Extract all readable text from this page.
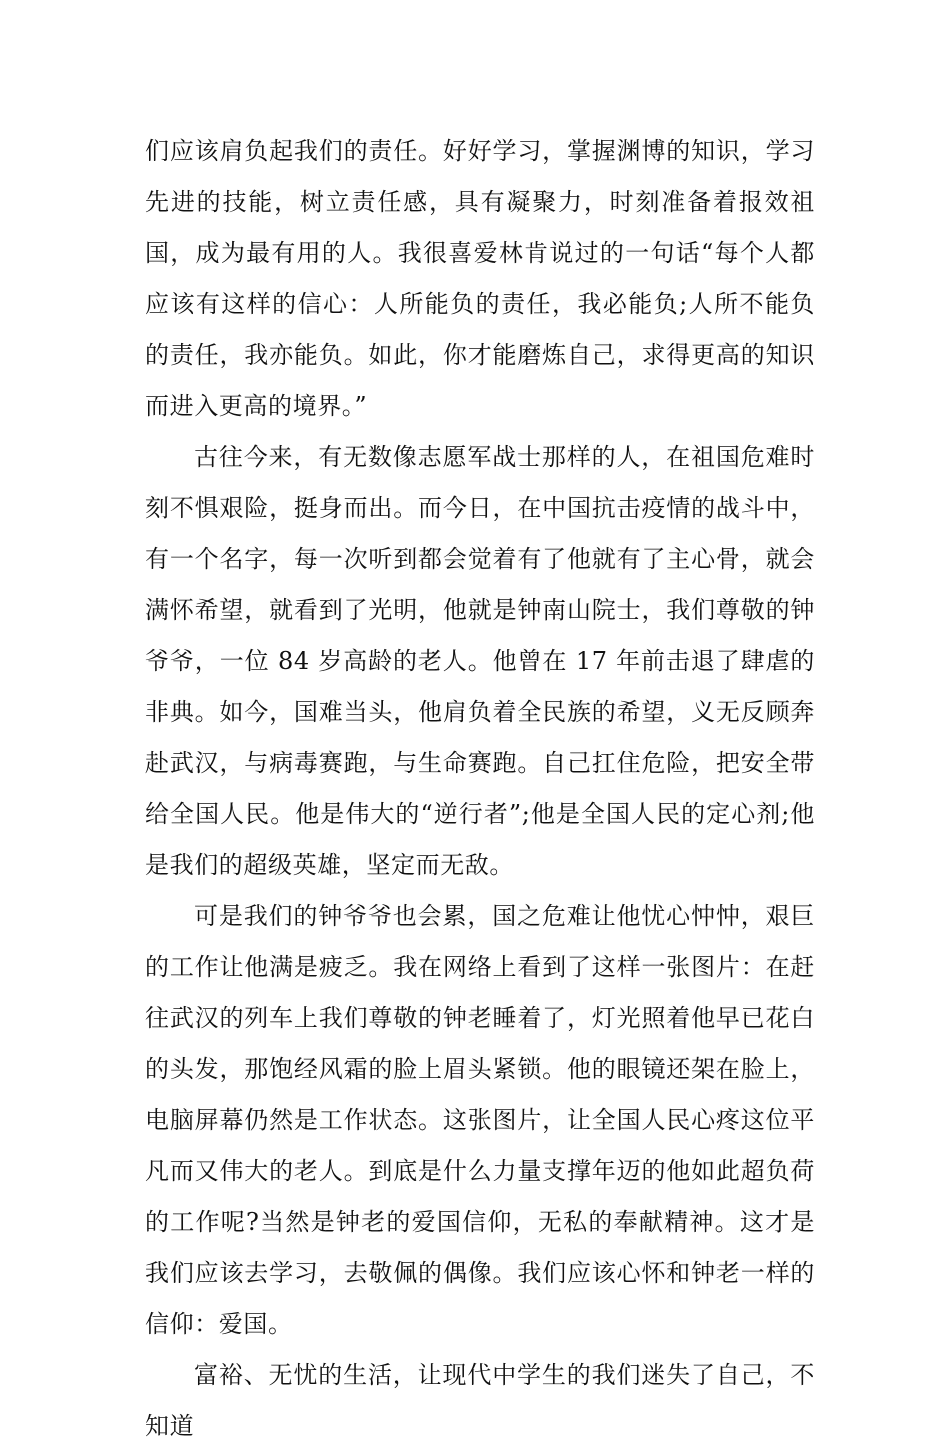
们应该肩负起我们的责任。好好学习，掌握渊博的知识，学习先进的技能，树立责任感，具有凝聚力，时刻准备着报效祖国，成为最有用的人。我很喜爱林肯说过的一句话“每个人都应该有这样的信心：人所能负的责任，我必能负;人所不能负的责任，我亦能负。如此，你才能磨炼自己，求得更高的知识而进入更高的境界。”

古往今来，有无数像志愿军战士那样的人，在祖国危难时刻不惧艰险，挺身而出。而今日，在中国抗击疫情的战斗中，有一个名字，每一次听到都会觉着有了他就有了主心骨，就会满怀希望，就看到了光明，他就是钟南山院士，我们尊敬的钟爷爷，一位 84 岁高龄的老人。他曾在 17 年前击退了肆虐的非典。如今，国难当头，他肩负着全民族的希望，义无反顾奔赴武汉，与病毒赛跑，与生命赛跑。自己扛住危险，把安全带给全国人民。他是伟大的“逆行者”;他是全国人民的定心剂;他是我们的超级英雄，坚定而无敌。

可是我们的钟爷爷也会累，国之危难让他忧心忡忡，艰巨的工作让他满是疲乏。我在网络上看到了这样一张图片：在赶往武汉的列车上我们尊敬的钟老睡着了，灯光照着他早已花白的头发，那饱经风霜的脸上眉头紧锁。他的眼镜还架在脸上，电脑屏幕仍然是工作状态。这张图片，让全国人民心疼这位平凡而又伟大的老人。到底是什么力量支撑年迈的他如此超负荷的工作呢?当然是钟老的爱国信仰，无私的奉献精神。这才是我们应该去学习，去敬佩的偶像。我们应该心怀和钟老一样的信仰：爱国。

富裕、无忧的生活，让现代中学生的我们迷失了自己，不知道
